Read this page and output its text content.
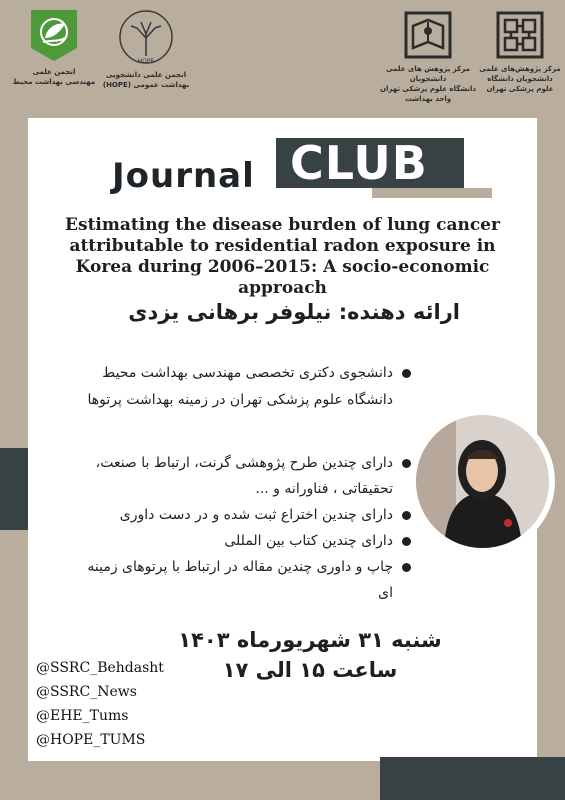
انجمن علمی
مهندسی بهداشت محیط
HOPE
انجمن علمی دانشجویی
بهداشت عمومی (HOPE)
مرکز پژوهش های علمی دانشجویان
دانشگاه علوم پزشکی تهران
واحد بهداشت
مرکز پژوهش‌های علمی
دانشجویان دانشگاه
علوم پزشکی تهران
Journal CLUB
Estimating the disease burden of lung cancer attributable to residential radon exposure in Korea during 2006–2015: A socio-economic approach
ارائه دهنده: نیلوفر برهانی یزدی
دانشجوی دکتری تخصصی مهندسی بهداشت محیط
دانشگاه علوم پزشکی تهران در زمینه بهداشت پرتوها
دارای چندین طرح پژوهشی گرنت، ارتباط با صنعت،
تحقیقاتی ، فناورانه و ...
دارای چندین اختراع ثبت شده و در دست داوری
دارای چندین کتاب بین المللی
چاپ و داوری چندین مقاله در ارتباط با پرتوهای زمینه ای
شنبه ۳۱ شهریورماه ۱۴۰۳
ساعت ۱۵ الی ۱۷
@SSRC_Behdasht
@SSRC_News
@EHE_Tums
@HOPE_TUMS
